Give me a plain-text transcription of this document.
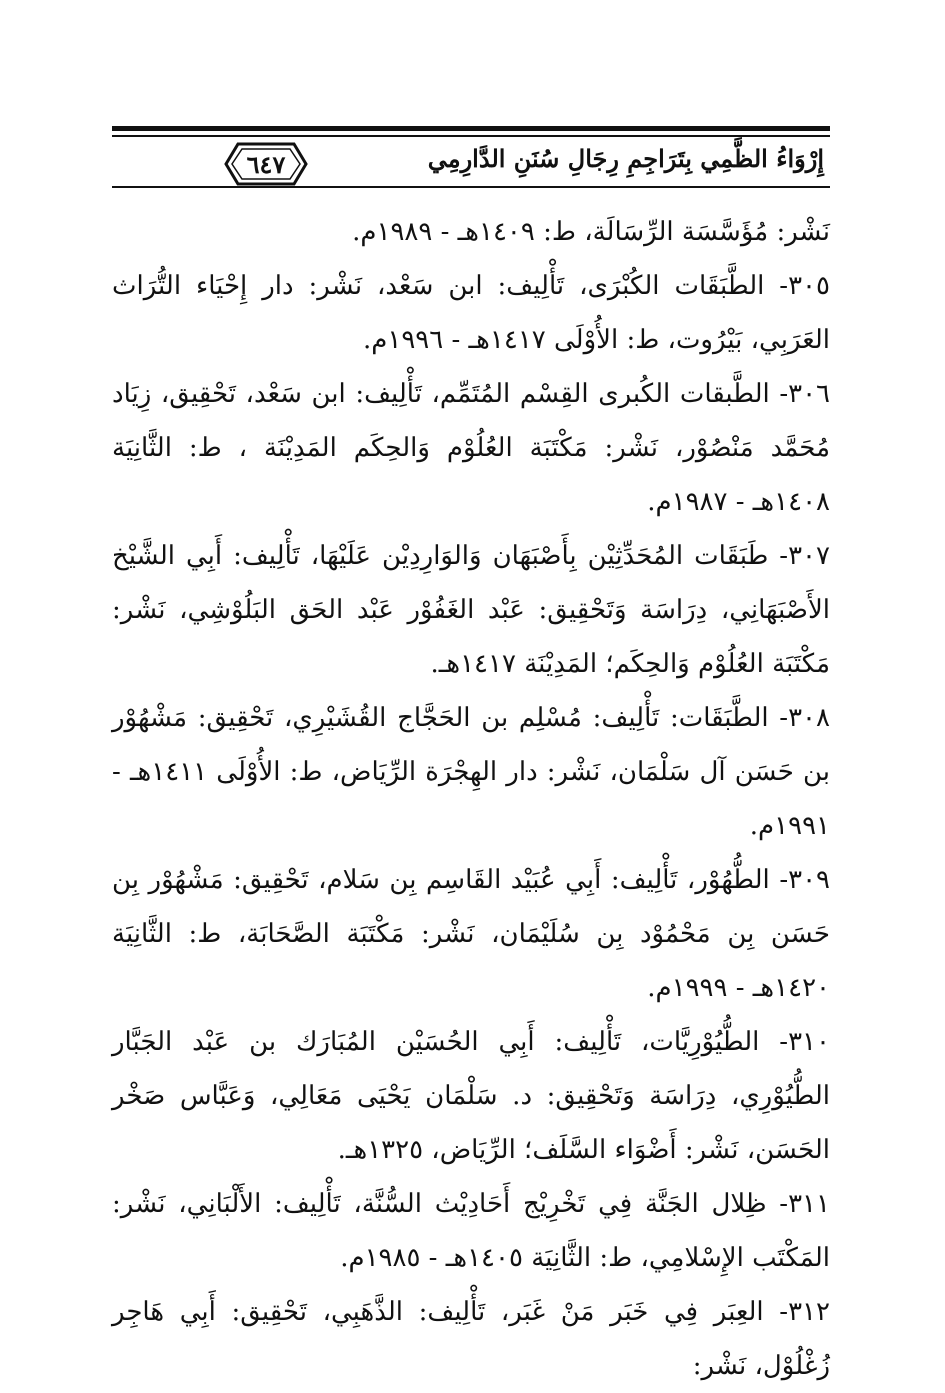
إِرْوَاءُ الظَّمِي بِتَرَاجِمِ رِجَالِ سُنَنِ الدَّارِمِي
٦٤٧

نَشْر: مُؤَسَّسَة الرِّسَالَة، ط: ١٤٠٩هـ - ١٩٨٩م.

٣٠٥- الطَّبَقَات الكُبْرَى، تَأْلِيف: ابن سَعْد، نَشْر: دار إِحْيَاء التُّرَاث العَرَبِي، بَيْرُوت، ط: الأُوْلَى ١٤١٧هـ - ١٩٩٦م.

٣٠٦- الطَّبقات الكُبرى القِسْم المُتَمِّم، تَأْلِيف: ابن سَعْد، تَحْقِيق، زِيَاد مُحَمَّد مَنْصُوْر، نَشْر: مَكْتَبَة العُلُوْم وَالحِكَم المَدِيْنَة ، ط: الثَّانِيَة ١٤٠٨هـ - ١٩٨٧م.

٣٠٧- طَبَقَات المُحَدِّثِيْن بِأَصْبَهَان وَالوَارِدِيْن عَلَيْهَا، تَأْلِيف: أَبِي الشَّيْخ الأَصْبَهَانِي، دِرَاسَة وَتَحْقِيق: عَبْد الغَفُوْر عَبْد الحَق البَلُوْشِي، نَشْر: مَكْتَبَة العُلُوْم وَالحِكَم؛ المَدِيْنَة ١٤١٧هـ.

٣٠٨- الطَّبَقَات: تَأْلِيف: مُسْلِم بن الحَجَّاج القُشَيْرِي، تَحْقِيق: مَشْهُوْر بن حَسَن آل سَلْمَان، نَشْر: دار الهِجْرَة الرِّيَاض، ط: الأُوْلَى ١٤١١هـ - ١٩٩١م.

٣٠٩- الطُّهُوْر، تَأْلِيف: أَبِي عُبَيْد القَاسِم بِن سَلام، تَحْقِيق: مَشْهُوْر بِن حَسَن بِن مَحْمُوْد بِن سُلَيْمَان، نَشْر: مَكْتَبَة الصَّحَابَة، ط: الثَّانِيَة ١٤٢٠هـ - ١٩٩٩م.

٣١٠- الطُّيُوْرِيَّات، تَأْلِيف: أَبِي الحُسَيْن المُبَارَك بن عَبْد الجَبَّار الطُّيُوْرِي، دِرَاسَة وَتَحْقِيق: د. سَلْمَان يَحْيَى مَعَالِي، وَعَبَّاس صَخْر الحَسَن، نَشْر: أَضْوَاء السَّلَف؛ الرِّيَاض، ١٣٢٥هـ.

٣١١- ظِلال الجَنَّة فِي تَخْرِيْج أَحَادِيْث السُّنَّة، تَأْلِيف: الأَلْبَانِي، نَشْر: المَكْتَب الإِسْلامِي، ط: الثَّانِيَة ١٤٠٥هـ - ١٩٨٥م.

٣١٢- العِبَر فِي خَبَر مَنْ غَبَر، تَأْلِيف: الذَّهَبِي، تَحْقِيق: أَبِي هَاجِر زُغْلُوْل، نَشْر:
